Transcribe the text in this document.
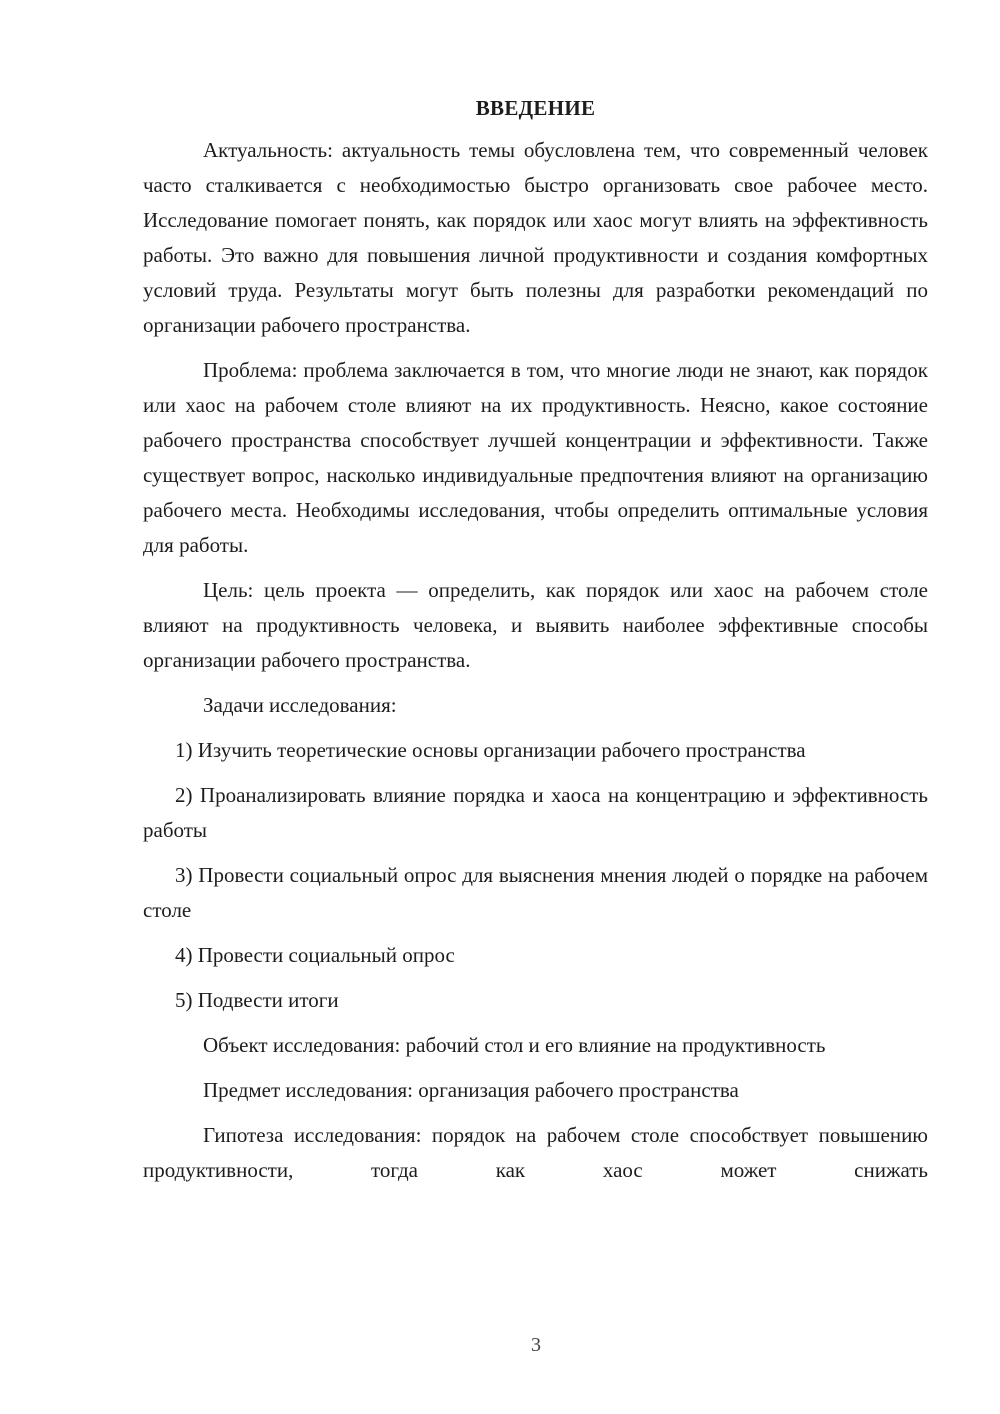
ВВЕДЕНИЕ

Актуальность: актуальность темы обусловлена тем, что современный человек часто сталкивается с необходимостью быстро организовать свое рабочее место. Исследование помогает понять, как порядок или хаос могут влиять на эффективность работы. Это важно для повышения личной продуктивности и создания комфортных условий труда. Результаты могут быть полезны для разработки рекомендаций по организации рабочего пространства.

Проблема: проблема заключается в том, что многие люди не знают, как порядок или хаос на рабочем столе влияют на их продуктивность. Неясно, какое состояние рабочего пространства способствует лучшей концентрации и эффективности. Также существует вопрос, насколько индивидуальные предпочтения влияют на организацию рабочего места. Необходимы исследования, чтобы определить оптимальные условия для работы.

Цель: цель проекта — определить, как порядок или хаос на рабочем столе влияют на продуктивность человека, и выявить наиболее эффективные способы организации рабочего пространства.

Задачи исследования:

1) Изучить теоретические основы организации рабочего пространства

2) Проанализировать влияние порядка и хаоса на концентрацию и эффективность работы

3) Провести социальный опрос для выяснения мнения людей о порядке на рабочем столе

4) Провести социальный опрос

5) Подвести итоги

Объект исследования: рабочий стол и его влияние на продуктивность

Предмет исследования: организация рабочего пространства

Гипотеза исследования: порядок на рабочем столе способствует повышению продуктивности, тогда как хаос может снижать

3
